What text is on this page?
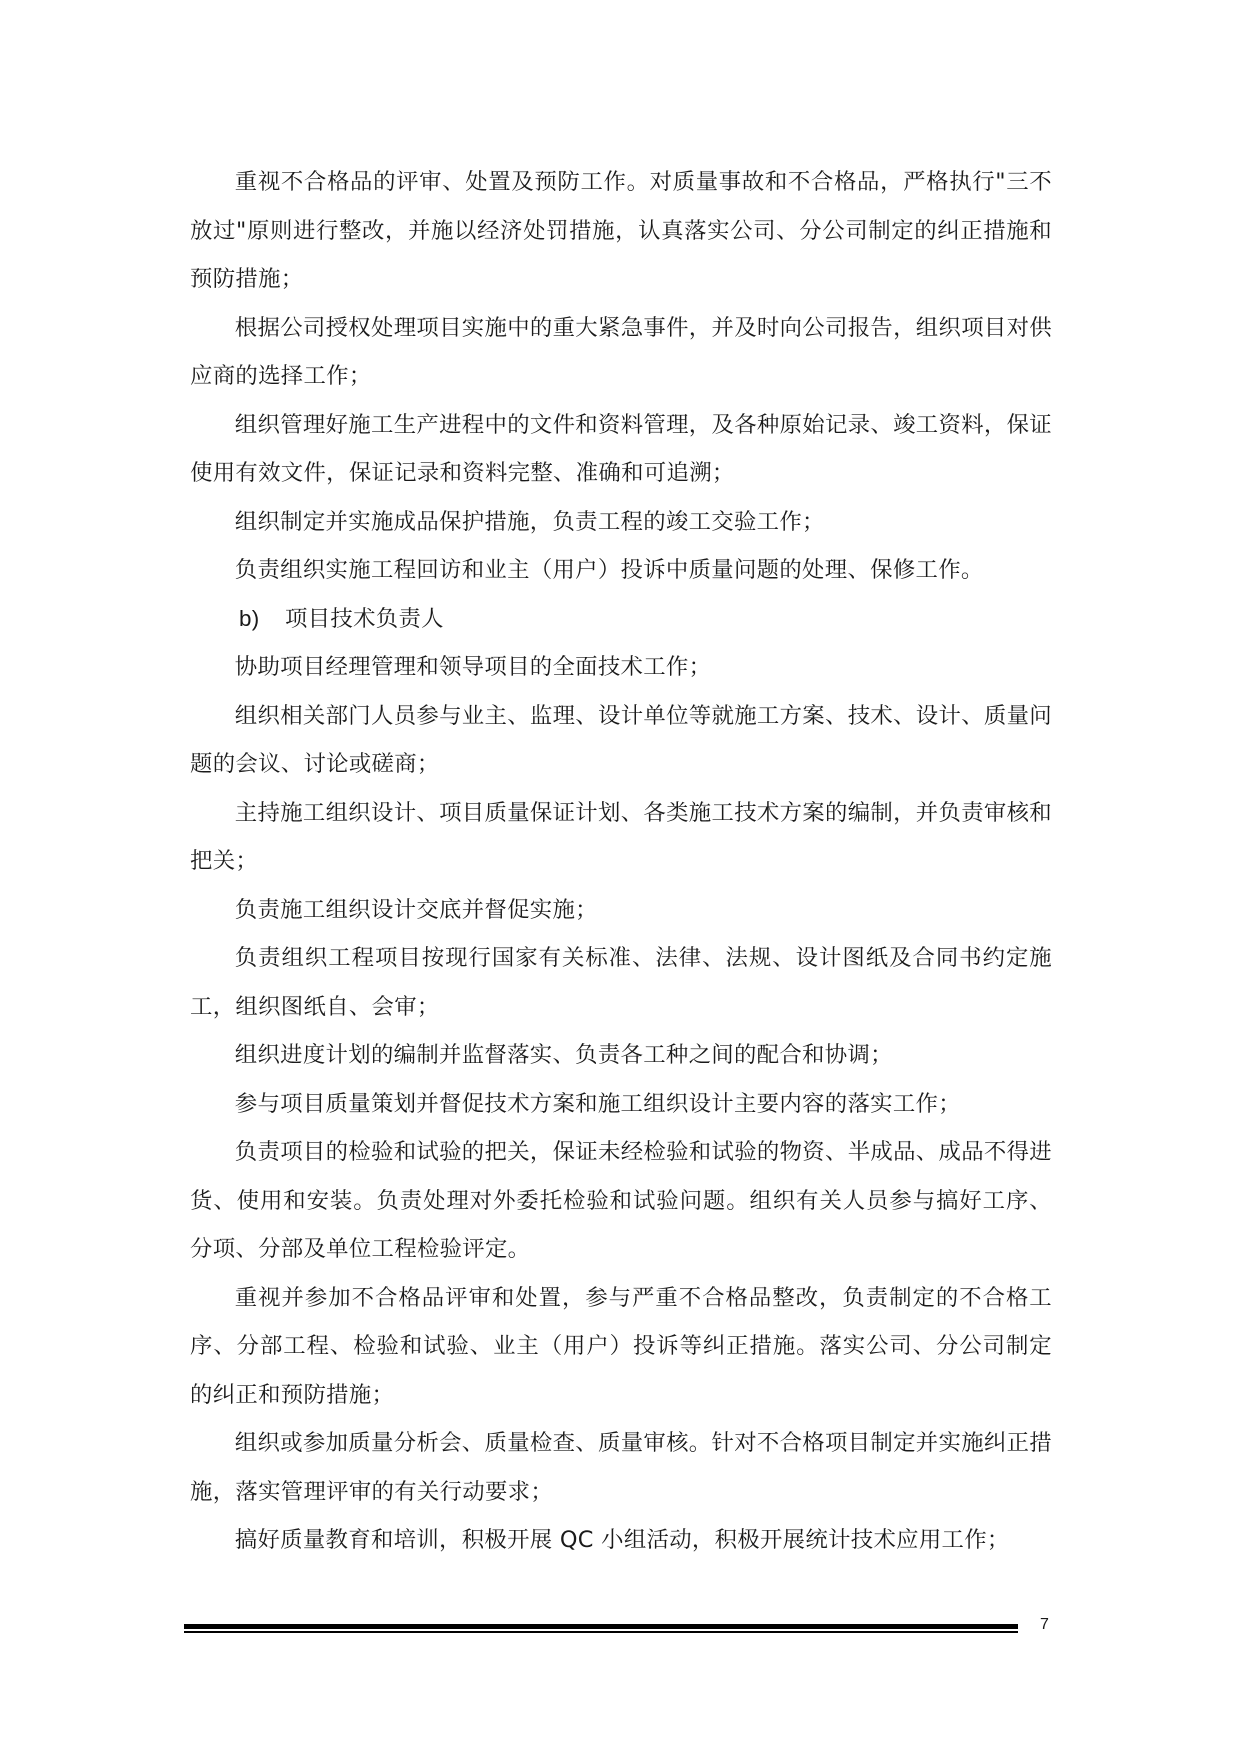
重视不合格品的评审、处置及预防工作。对质量事故和不合格品，严格执行"三不放过"原则进行整改，并施以经济处罚措施，认真落实公司、分公司制定的纠正措施和预防措施；

根据公司授权处理项目实施中的重大紧急事件，并及时向公司报告，组织项目对供应商的选择工作；

组织管理好施工生产进程中的文件和资料管理，及各种原始记录、竣工资料，保证使用有效文件，保证记录和资料完整、准确和可追溯；

组织制定并实施成品保护措施，负责工程的竣工交验工作；

负责组织实施工程回访和业主（用户）投诉中质量问题的处理、保修工作。

b) 项目技术负责人

协助项目经理管理和领导项目的全面技术工作；

组织相关部门人员参与业主、监理、设计单位等就施工方案、技术、设计、质量问题的会议、讨论或磋商；

主持施工组织设计、项目质量保证计划、各类施工技术方案的编制，并负责审核和把关；

负责施工组织设计交底并督促实施；

负责组织工程项目按现行国家有关标准、法律、法规、设计图纸及合同书约定施工，组织图纸自、会审；

组织进度计划的编制并监督落实、负责各工种之间的配合和协调；

参与项目质量策划并督促技术方案和施工组织设计主要内容的落实工作；

负责项目的检验和试验的把关，保证未经检验和试验的物资、半成品、成品不得进货、使用和安装。负责处理对外委托检验和试验问题。组织有关人员参与搞好工序、分项、分部及单位工程检验评定。

重视并参加不合格品评审和处置，参与严重不合格品整改，负责制定的不合格工序、分部工程、检验和试验、业主（用户）投诉等纠正措施。落实公司、分公司制定的纠正和预防措施；

组织或参加质量分析会、质量检查、质量审核。针对不合格项目制定并实施纠正措施，落实管理评审的有关行动要求；

搞好质量教育和培训，积极开展 QC 小组活动，积极开展统计技术应用工作；

7
